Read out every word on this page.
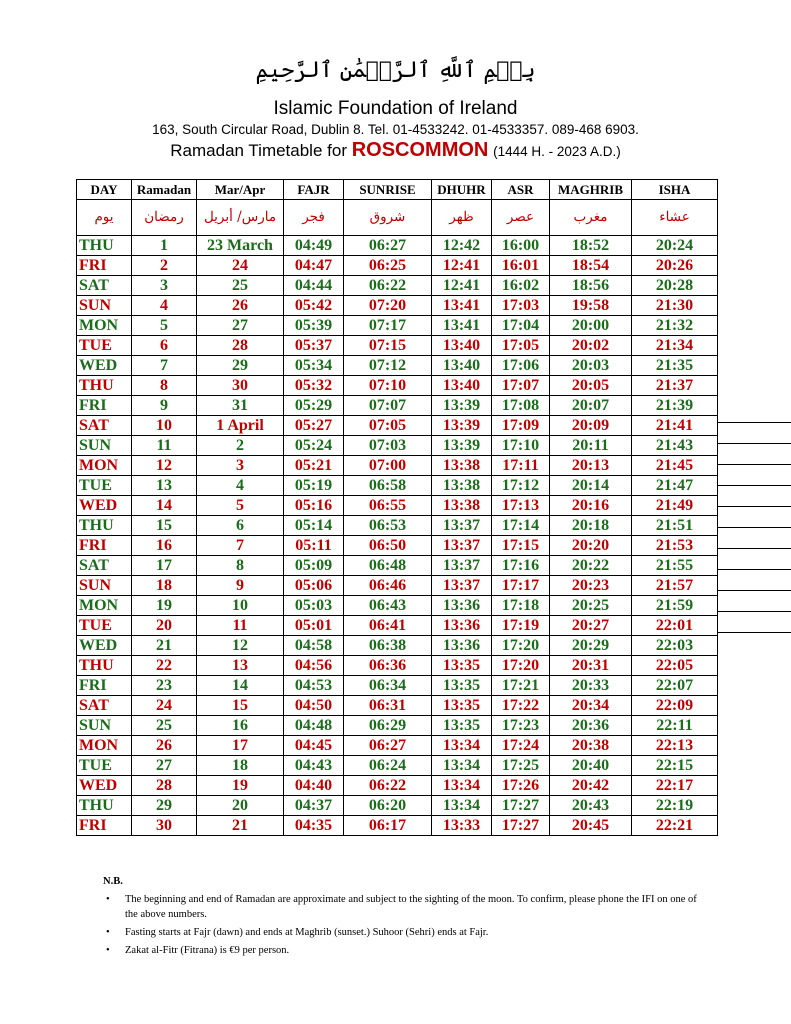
بِسۡمِ ٱللَّهِ ٱلرَّحۡمَٰنِ ٱلرَّحِيمِ
Islamic Foundation of Ireland
163, South Circular Road, Dublin 8. Tel. 01-4533242. 01-4533357. 089-468 6903.
Ramadan Timetable for ROSCOMMON (1444 H. - 2023 A.D.)
DAY	Ramadan	Mar/Apr	FAJR	SUNRISE	DHUHR	ASR	MAGHRIB	ISHA
يوم	رمضان	مارس/ أبريل	فجر	شروق	ظهر	عصر	مغرب	عشاء
THU	1	23 March	04:49	06:27	12:42	16:00	18:52	20:24
FRI	2	24	04:47	06:25	12:41	16:01	18:54	20:26
SAT	3	25	04:44	06:22	12:41	16:02	18:56	20:28
SUN	4	26	05:42	07:20	13:41	17:03	19:58	21:30
MON	5	27	05:39	07:17	13:41	17:04	20:00	21:32
TUE	6	28	05:37	07:15	13:40	17:05	20:02	21:34
WED	7	29	05:34	07:12	13:40	17:06	20:03	21:35
THU	8	30	05:32	07:10	13:40	17:07	20:05	21:37
FRI	9	31	05:29	07:07	13:39	17:08	20:07	21:39
SAT	10	1 April	05:27	07:05	13:39	17:09	20:09	21:41
SUN	11	2	05:24	07:03	13:39	17:10	20:11	21:43
MON	12	3	05:21	07:00	13:38	17:11	20:13	21:45
TUE	13	4	05:19	06:58	13:38	17:12	20:14	21:47
WED	14	5	05:16	06:55	13:38	17:13	20:16	21:49
THU	15	6	05:14	06:53	13:37	17:14	20:18	21:51
FRI	16	7	05:11	06:50	13:37	17:15	20:20	21:53
SAT	17	8	05:09	06:48	13:37	17:16	20:22	21:55
SUN	18	9	05:06	06:46	13:37	17:17	20:23	21:57
MON	19	10	05:03	06:43	13:36	17:18	20:25	21:59
TUE	20	11	05:01	06:41	13:36	17:19	20:27	22:01
WED	21	12	04:58	06:38	13:36	17:20	20:29	22:03
THU	22	13	04:56	06:36	13:35	17:20	20:31	22:05
FRI	23	14	04:53	06:34	13:35	17:21	20:33	22:07
SAT	24	15	04:50	06:31	13:35	17:22	20:34	22:09
SUN	25	16	04:48	06:29	13:35	17:23	20:36	22:11
MON	26	17	04:45	06:27	13:34	17:24	20:38	22:13
TUE	27	18	04:43	06:24	13:34	17:25	20:40	22:15
WED	28	19	04:40	06:22	13:34	17:26	20:42	22:17
THU	29	20	04:37	06:20	13:34	17:27	20:43	22:19
FRI	30	21	04:35	06:17	13:33	17:27	20:45	22:21
N.B.
• The beginning and end of Ramadan are approximate and subject to the sighting of the moon. To confirm, please phone the IFI on one of the above numbers.
• Fasting starts at Fajr (dawn) and ends at Maghrib (sunset.) Suhoor (Sehri) ends at Fajr.
• Zakat al-Fitr (Fitrana) is €9 per person.
